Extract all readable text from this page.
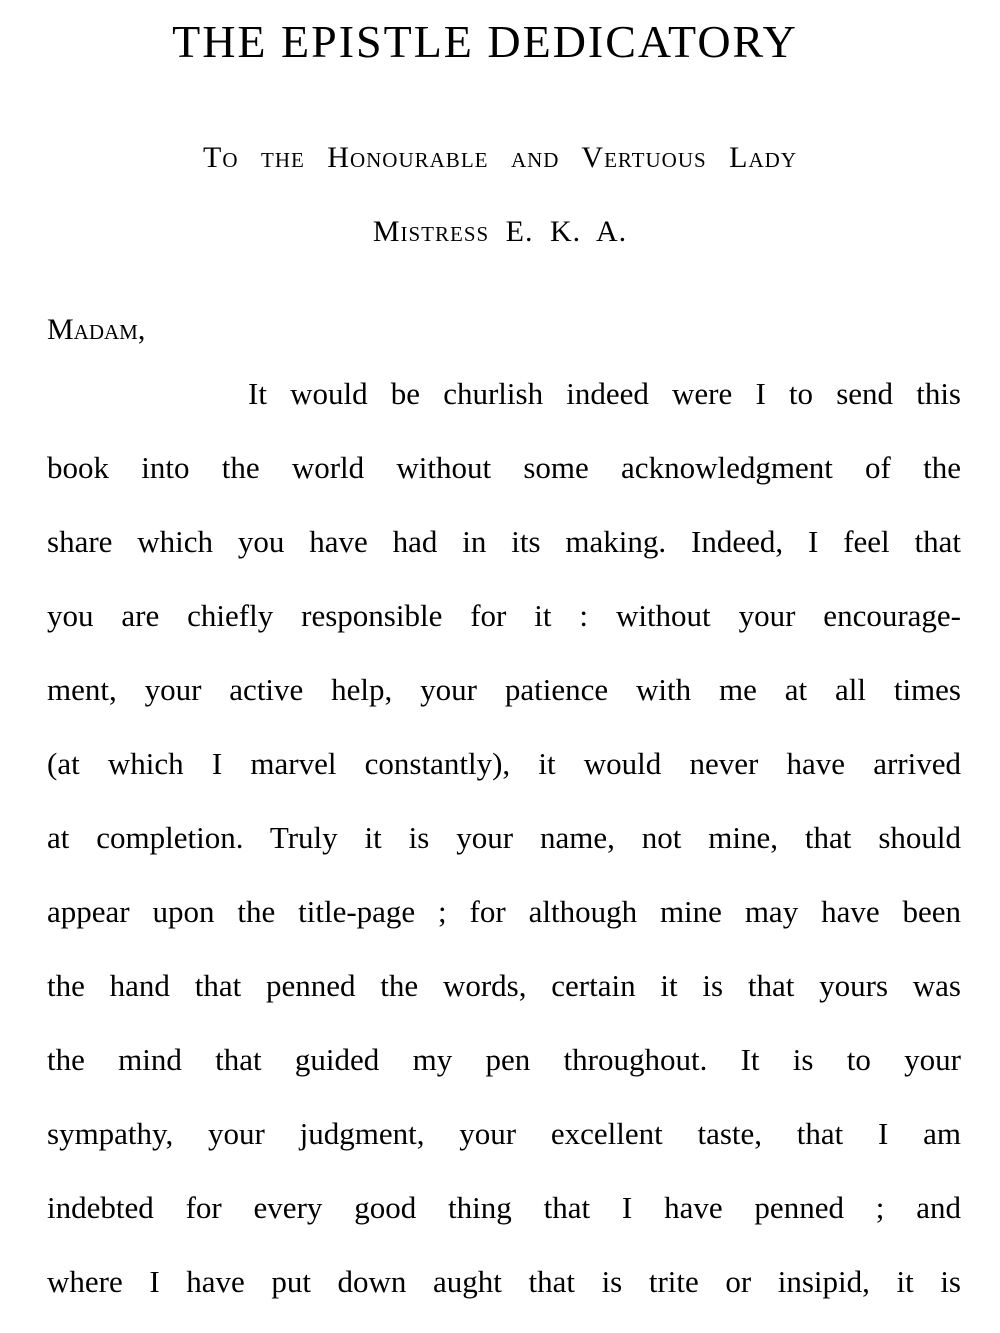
THE EPISTLE DEDICATORY
To the Honourable and Vertuous Lady
Mistress E. K. A.
Madam,
It would be churlish indeed were I to send this
book into the world without some acknowledgment of the
share which you have had in its making. Indeed, I feel that
you are chiefly responsible for it : without your encourage-
ment, your active help, your patience with me at all times
(at which I marvel constantly), it would never have arrived
at completion. Truly it is your name, not mine, that should
appear upon the title-page ; for although mine may have been
the hand that penned the words, certain it is that yours was
the mind that guided my pen throughout. It is to your
sympathy, your judgment, your excellent taste, that I am
indebted for every good thing that I have penned ; and
where I have put down aught that is trite or insipid, it is
